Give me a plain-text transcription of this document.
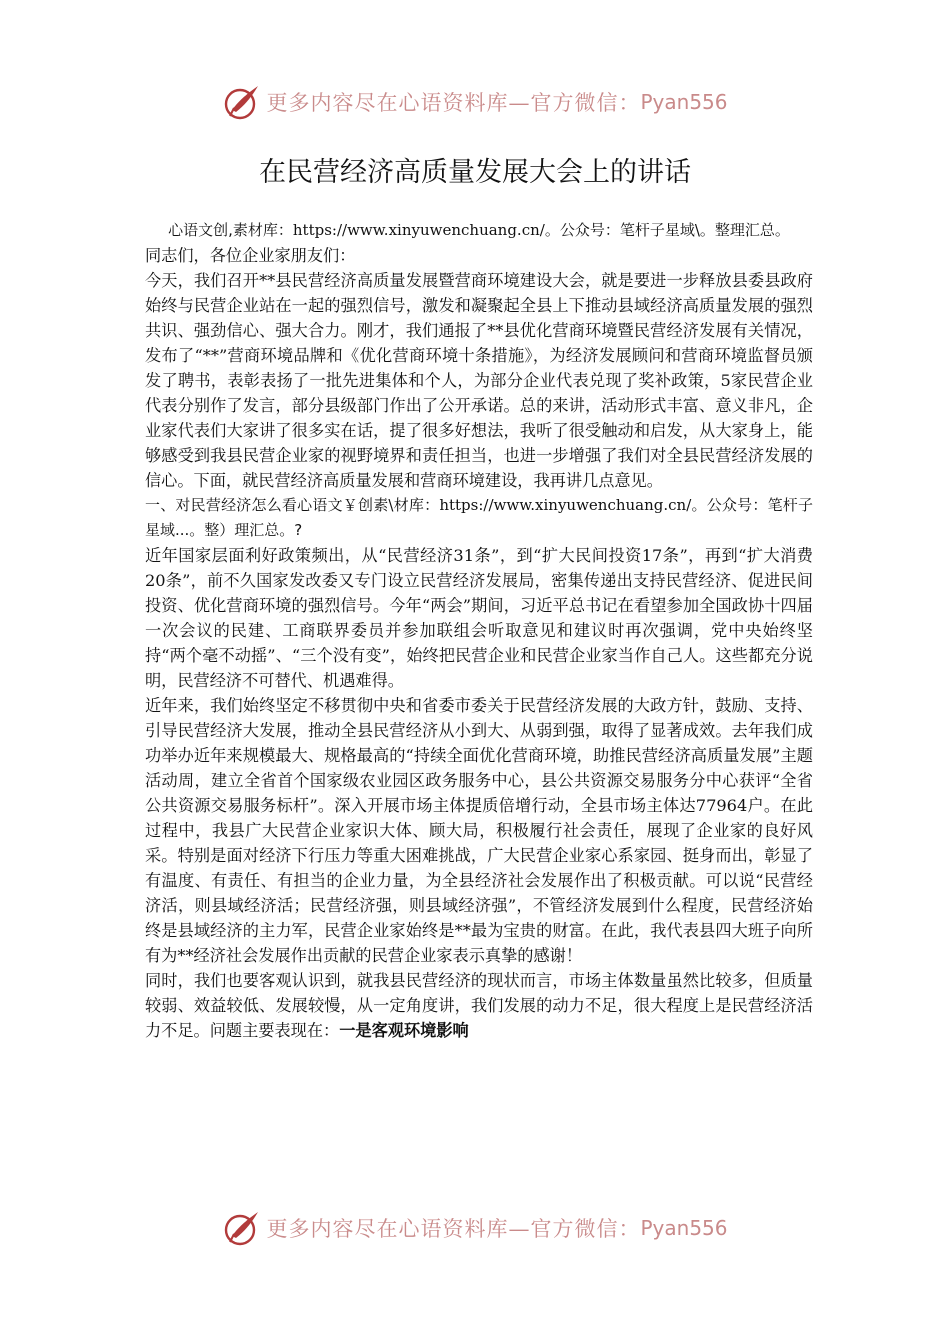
更多内容尽在心语资料库—官方微信： Pyan556
在民营经济高质量发展大会上的讲话
心语文创,素材库：https://www.xinyuwenchuang.cn/。公众号：笔杆子星域\。整理汇总。

同志们，各位企业家朋友们：

今天，我们召开**县民营经济高质量发展暨营商环境建设大会，就是要进一步释放县委县政府始终与民营企业站在一起的强烈信号，激发和凝聚起全县上下推动县域经济高质量发展的强烈共识、强劲信心、强大合力。刚才，我们通报了**县优化营商环境暨民营经济发展有关情况，发布了“**”营商环境品牌和《优化营商环境十条措施》，为经济发展顾问和营商环境监督员颁发了聘书，表彰表扬了一批先进集体和个人，为部分企业代表兑现了奖补政策，5家民营企业代表分别作了发言，部分县级部门作出了公开承诺。总的来讲，活动形式丰富、意义非凡，企业家代表们大家讲了很多实在话，提了很多好想法，我听了很受触动和启发，从大家身上，能够感受到我县民营企业家的视野境界和责任担当，也进一步增强了我们对全县民营经济发展的信心。下面，就民营经济高质量发展和营商环境建设，我再讲几点意见。

一、对民营经济怎么看心语文￥创素\材库：https://www.xinyuwenchuang.cn/。公众号：笔杆子星域...。整）理汇总。?

近年国家层面利好政策频出，从“民营经济31条”，到“扩大民间投资17条”，再到“扩大消费20条”，前不久国家发改委又专门设立民营经济发展局，密集传递出支持民营经济、促进民间投资、优化营商环境的强烈信号。今年“两会”期间，习近平总书记在看望参加全国政协十四届一次会议的民建、工商联界委员并参加联组会听取意见和建议时再次强调，党中央始终坚持“两个毫不动摇”、“三个没有变”，始终把民营企业和民营企业家当作自己人。这些都充分说明，民营经济不可替代、机遇难得。

近年来，我们始终坚定不移贯彻中央和省委市委关于民营经济发展的大政方针，鼓励、支持、引导民营经济大发展，推动全县民营经济从小到大、从弱到强，取得了显著成效。去年我们成功举办近年来规模最大、规格最高的“持续全面优化营商环境，助推民营经济高质量发展”主题活动周，建立全省首个国家级农业园区政务服务中心，县公共资源交易服务分中心获评“全省公共资源交易服务标杆”。深入开展市场主体提质倍增行动，全县市场主体达77964户。在此过程中，我县广大民营企业家识大体、顾大局，积极履行社会责任，展现了企业家的良好风采。特别是面对经济下行压力等重大困难挑战，广大民营企业家心系家园、挺身而出，彰显了有温度、有责任、有担当的企业力量，为全县经济社会发展作出了积极贡献。可以说“民营经济活，则县域经济活；民营经济强，则县域经济强”，不管经济发展到什么程度，民营经济始终是县域经济的主力军，民营企业家始终是**最为宝贵的财富。在此，我代表县四大班子向所有为**经济社会发展作出贡献的民营企业家表示真挚的感谢！

同时，我们也要客观认识到，就我县民营经济的现状而言，市场主体数量虽然比较多，但质量较弱、效益较低、发展较慢，从一定角度讲，我们发展的动力不足，很大程度上是民营经济活力不足。问题主要表现在：一是客观环境影响

更多内容尽在心语资料库—官方微信： Pyan556
